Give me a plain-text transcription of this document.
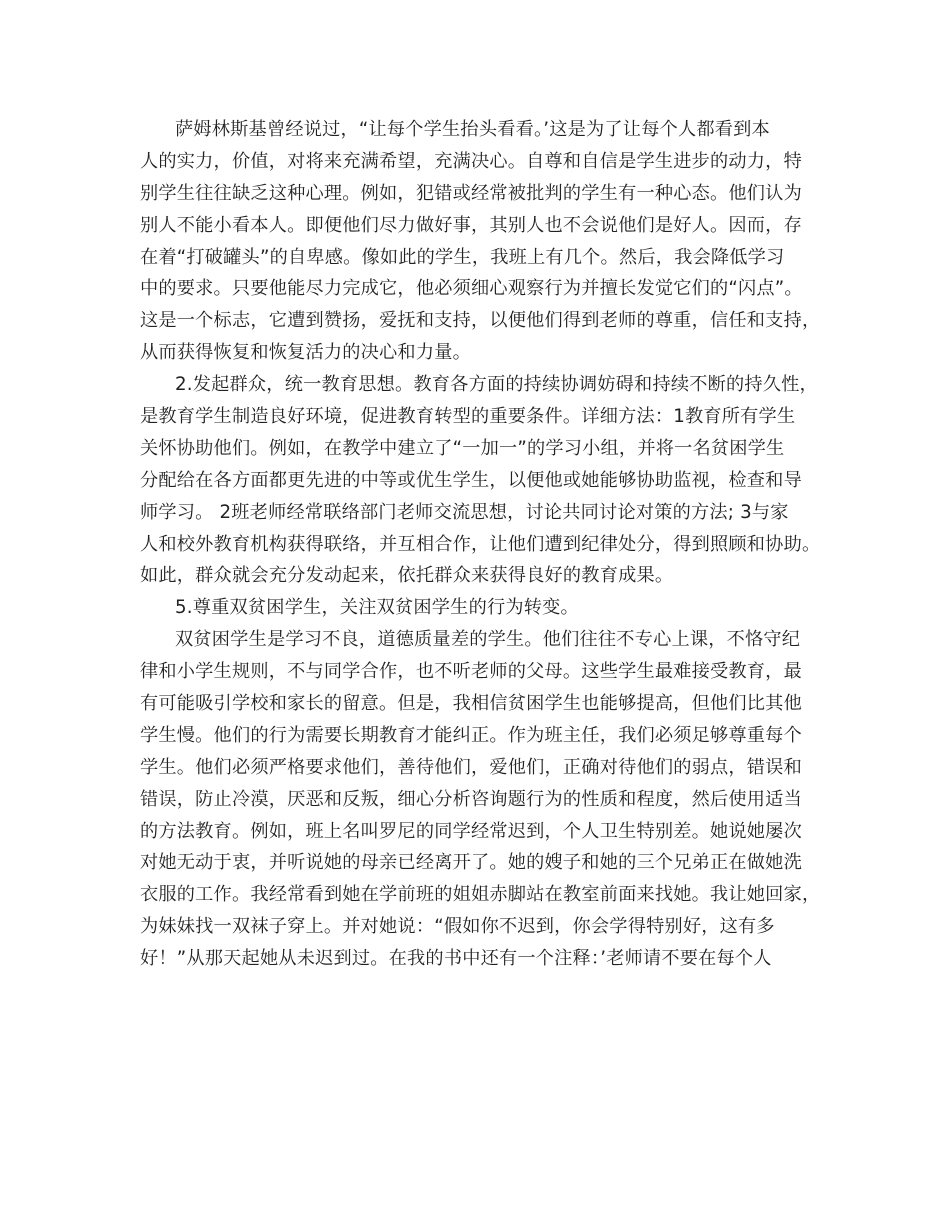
萨姆林斯基曾经说过，“让每个学生抬头看看。’这是为了让每个人都看到本
人的实力，价值，对将来充满希望，充满决心。自尊和自信是学生进步的动力，特
别学生往往缺乏这种心理。例如，犯错或经常被批判的学生有一种心态。他们认为
别人不能小看本人。即便他们尽力做好事，其别人也不会说他们是好人。因而，存
在着“打破罐头”的自卑感。像如此的学生，我班上有几个。然后，我会降低学习
中的要求。只要他能尽力完成它，他必须细心观察行为并擅长发觉它们的“闪点”。
这是一个标志，它遭到赞扬，爱抚和支持，以便他们得到老师的尊重，信任和支持，
从而获得恢复和恢复活力的决心和力量。
2.发起群众，统一教育思想。教育各方面的持续协调妨碍和持续不断的持久性，
是教育学生制造良好环境，促进教育转型的重要条件。详细方法：1教育所有学生
关怀协助他们。例如，在教学中建立了“一加一”的学习小组，并将一名贫困学生
分配给在各方面都更先进的中等或优生学生，以便他或她能够协助监视，检查和导
师学习。 2班老师经常联络部门老师交流思想，讨论共同讨论对策的方法; 3与家
人和校外教育机构获得联络，并互相合作，让他们遭到纪律处分，得到照顾和协助。
如此，群众就会充分发动起来，依托群众来获得良好的教育成果。
5.尊重双贫困学生，关注双贫困学生的行为转变。
双贫困学生是学习不良，道德质量差的学生。他们往往不专心上课，不恪守纪
律和小学生规则，不与同学合作，也不听老师的父母。这些学生最难接受教育，最
有可能吸引学校和家长的留意。但是，我相信贫困学生也能够提高，但他们比其他
学生慢。他们的行为需要长期教育才能纠正。作为班主任，我们必须足够尊重每个
学生。他们必须严格要求他们，善待他们，爱他们，正确对待他们的弱点，错误和
错误，防止冷漠，厌恶和反叛，细心分析咨询题行为的性质和程度，然后使用适当
的方法教育。例如，班上名叫罗尼的同学经常迟到，个人卫生特别差。她说她屡次
对她无动于衷，并听说她的母亲已经离开了。她的嫂子和她的三个兄弟正在做她洗
衣服的工作。我经常看到她在学前班的姐姐赤脚站在教室前面来找她。我让她回家，
为妹妹找一双袜子穿上。并对她说：“假如你不迟到，你会学得特别好，这有多
好！”从那天起她从未迟到过。在我的书中还有一个注释：’老师请不要在每个人
